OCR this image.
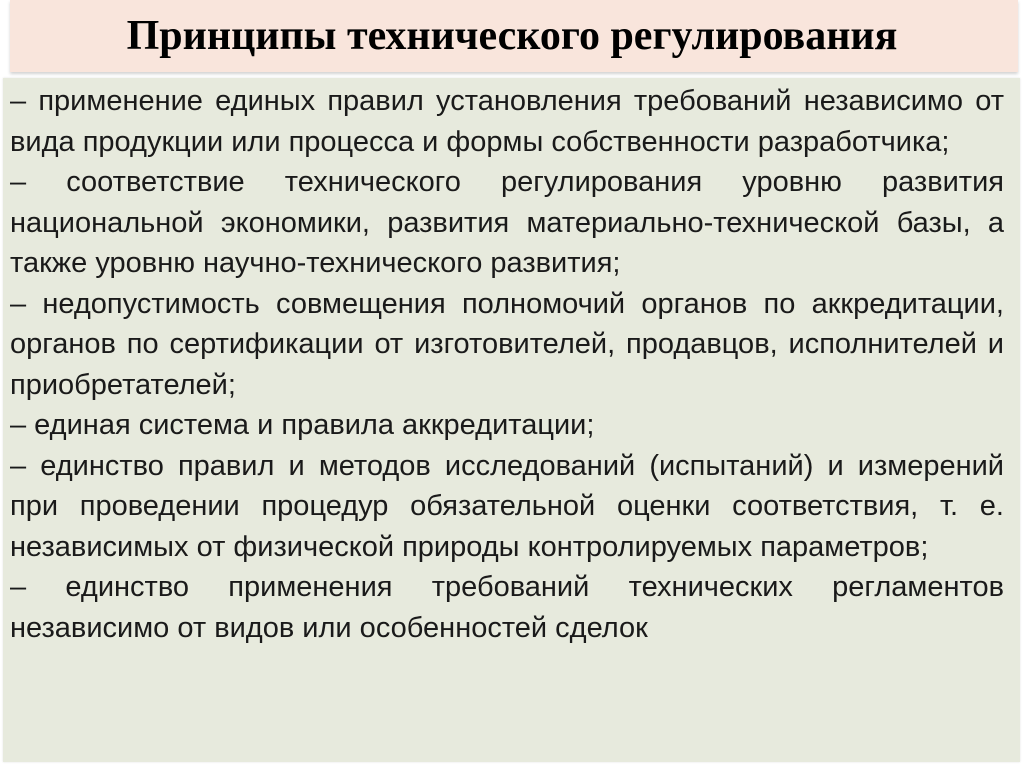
Принципы технического регулирования

– применение единых правил установления требований независимо от вида продукции или процесса и формы собственности разработчика;

– соответствие технического регулирования уровню развития национальной экономики, развития материально-технической базы, а также уровню научно-технического развития;

– недопустимость совмещения полномочий органов по аккредитации, органов по сертификации от изготовителей, продавцов, исполнителей и приобретателей;

– единая система и правила аккредитации;

– единство правил и методов исследований (испытаний) и измерений при проведении процедур обязательной оценки соответствия, т. е. независимых от физической природы контролируемых параметров;

– единство применения требований технических регламентов независимо от видов или особенностей сделок
